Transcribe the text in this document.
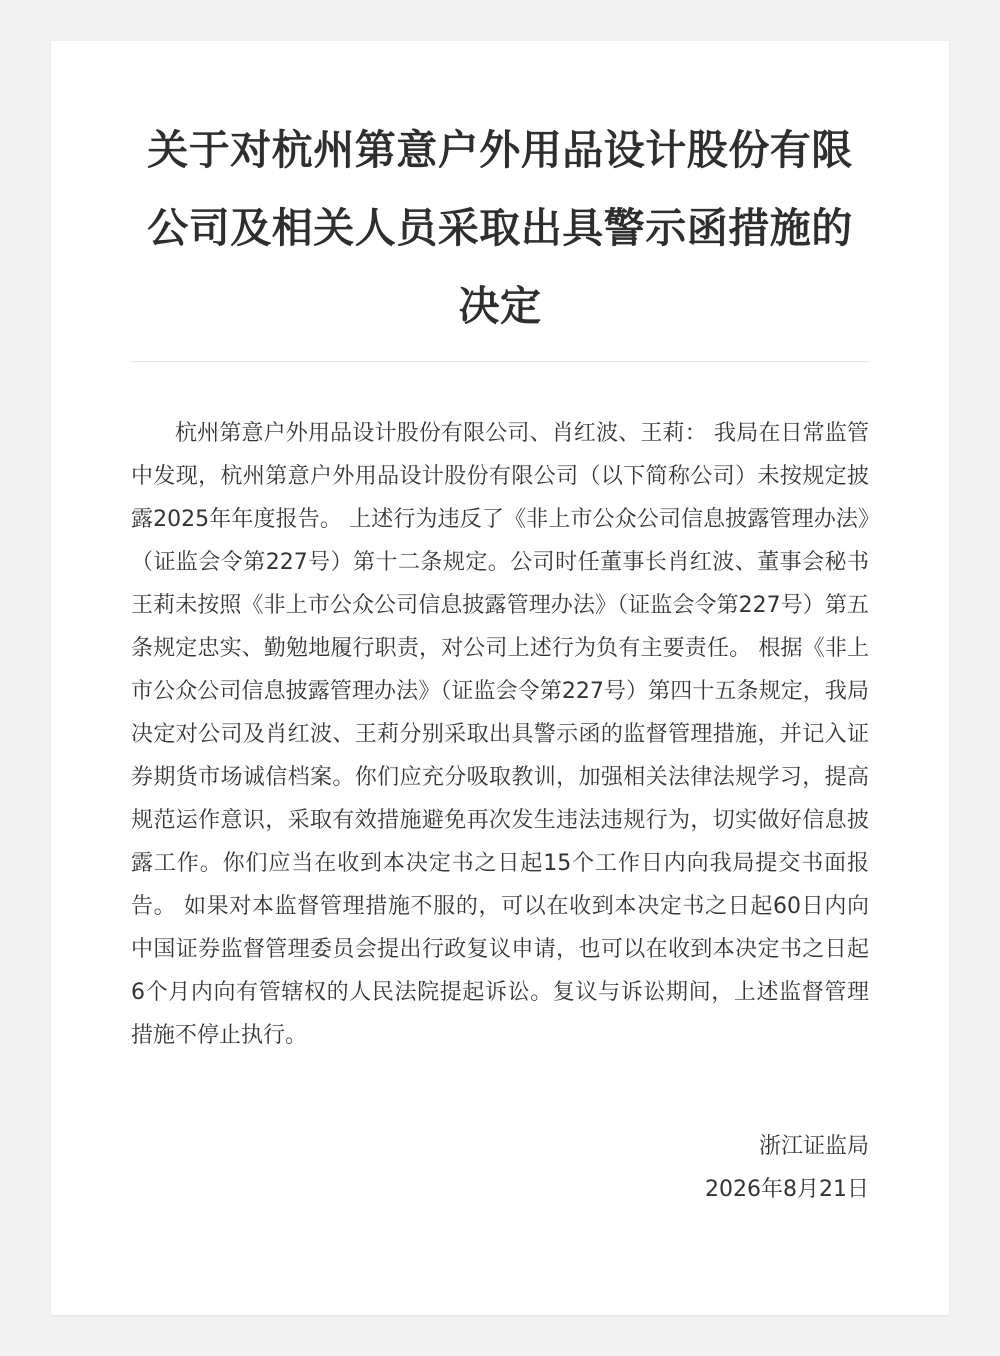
关于对杭州第意户外用品设计股份有限公司及相关人员采取出具警示函措施的决定

杭州第意户外用品设计股份有限公司、肖红波、王莉： 我局在日常监管中发现，杭州第意户外用品设计股份有限公司（以下简称公司）未按规定披露2025年年度报告。 上述行为违反了《非上市公众公司信息披露管理办法》（证监会令第227号）第十二条规定。公司时任董事长肖红波、董事会秘书王莉未按照《非上市公众公司信息披露管理办法》（证监会令第227号）第五条规定忠实、勤勉地履行职责，对公司上述行为负有主要责任。 根据《非上市公众公司信息披露管理办法》（证监会令第227号）第四十五条规定，我局决定对公司及肖红波、王莉分别采取出具警示函的监督管理措施，并记入证券期货市场诚信档案。你们应充分吸取教训，加强相关法律法规学习，提高规范运作意识，采取有效措施避免再次发生违法违规行为，切实做好信息披露工作。你们应当在收到本决定书之日起15个工作日内向我局提交书面报告。 如果对本监督管理措施不服的，可以在收到本决定书之日起60日内向中国证券监督管理委员会提出行政复议申请，也可以在收到本决定书之日起6个月内向有管辖权的人民法院提起诉讼。复议与诉讼期间，上述监督管理措施不停止执行。

浙江证监局
2026年8月21日
